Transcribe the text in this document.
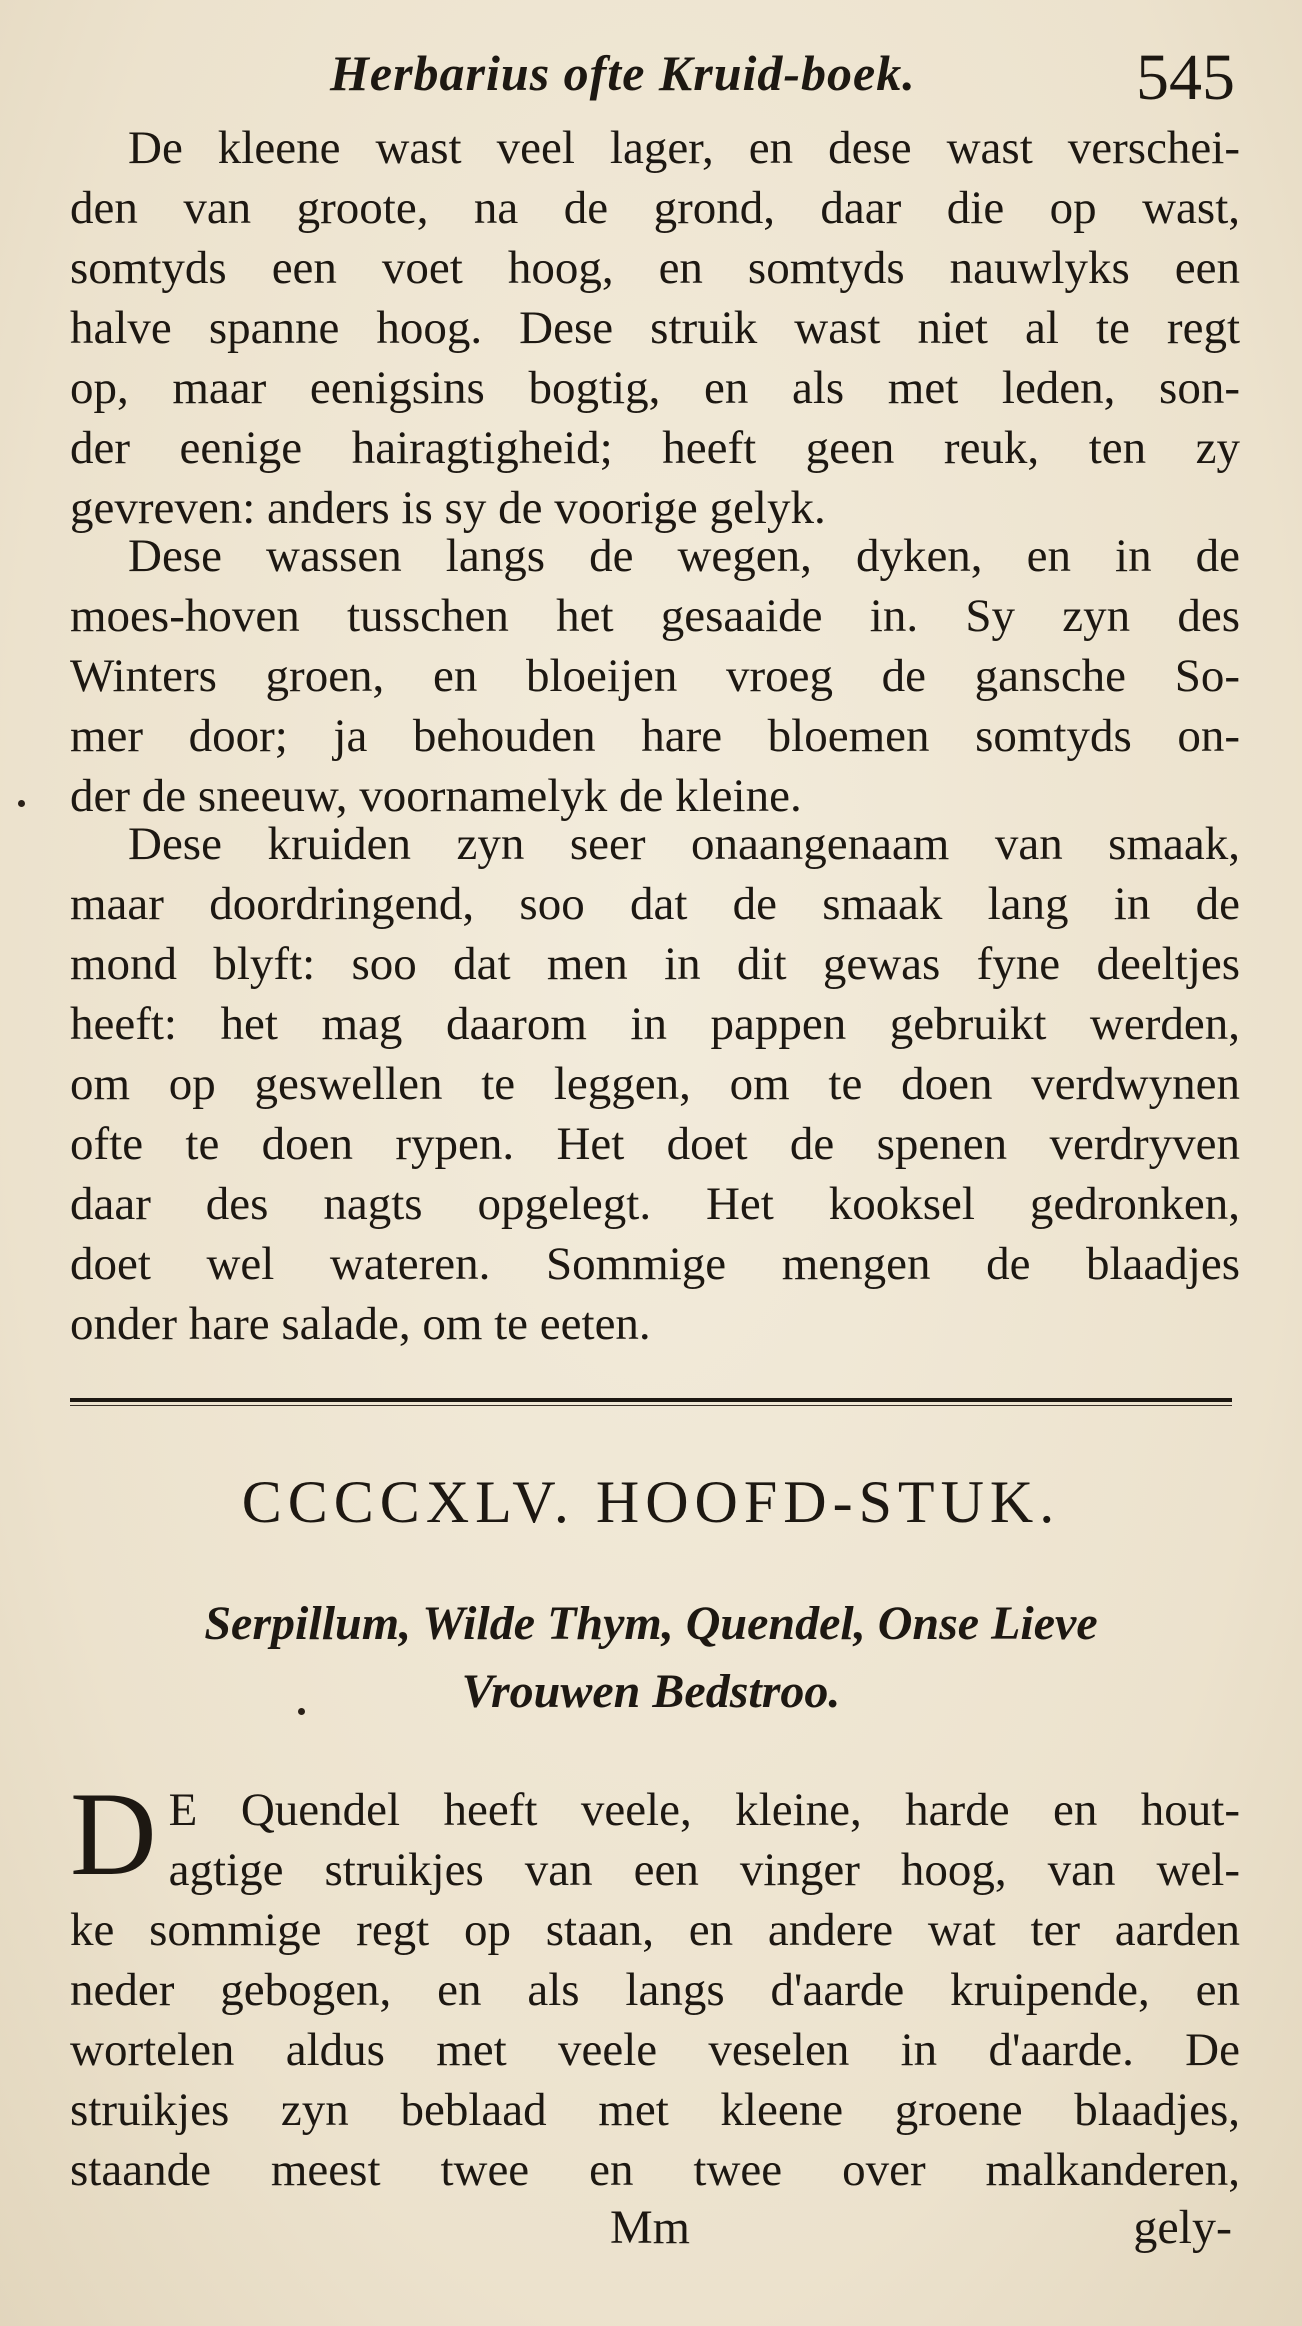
Herbarius ofte Kruid-boek.	545

De kleene wast veel lager, en dese wast verschei-
den van groote, na de grond, daar die op wast,
somtyds een voet hoog, en somtyds nauwlyks een
halve spanne hoog. Dese struik wast niet al te regt
op, maar eenigsins bogtig, en als met leden, son-
der eenige hairagtigheid; heeft geen reuk, ten zy
gevreven: anders is sy de voorige gelyk.

Dese wassen langs de wegen, dyken, en in de
moes-hoven tusschen het gesaaide in. Sy zyn des
Winters groen, en bloeijen vroeg de gansche So-
mer door; ja behouden hare bloemen somtyds on-
der de sneeuw, voornamelyk de kleine.

Dese kruiden zyn seer onaangenaam van smaak,
maar doordringend, soo dat de smaak lang in de
mond blyft: soo dat men in dit gewas fyne deeltjes
heeft: het mag daarom in pappen gebruikt werden,
om op geswellen te leggen, om te doen verdwynen
ofte te doen rypen. Het doet de spenen verdryven
daar des nagts opgelegt. Het kooksel gedronken,
doet wel wateren. Sommige mengen de blaadjes
onder hare salade, om te eeten.

CCCCXLV. HOOFD-STUK.
Serpillum, Wilde Thym, Quendel, Onse Lieve
Vrouwen Bedstroo.
D E Quendel heeft veele, kleine, harde en hout-
agtige struikjes van een vinger hoog, van wel-
ke sommige regt op staan, en andere wat ter aarden
neder gebogen, en als langs d'aarde kruipende, en
wortelen aldus met veele veselen in d'aarde. De
struikjes zyn beblaad met kleene groene blaadjes,
staande meest twee en twee over malkanderen,

Mm	gely-
